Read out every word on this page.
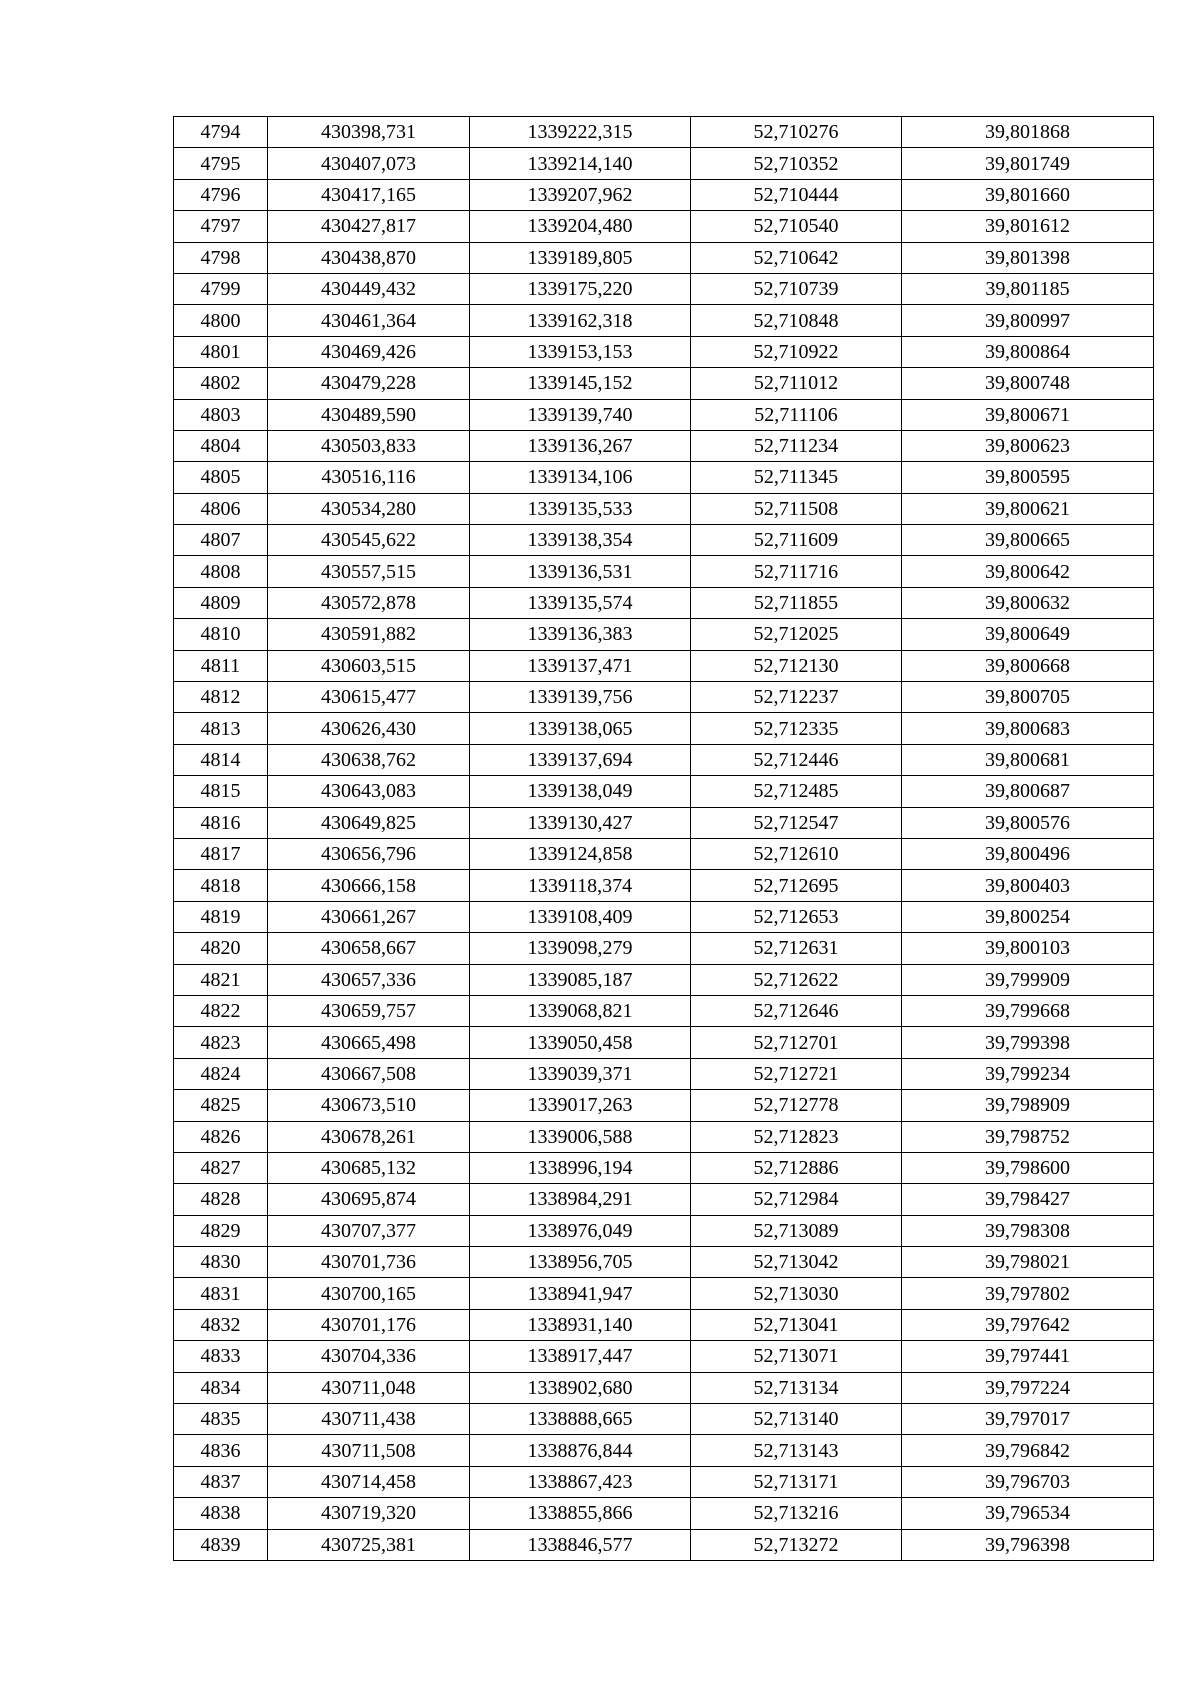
4794	430398,731	1339222,315	52,710276	39,801868
4795	430407,073	1339214,140	52,710352	39,801749
4796	430417,165	1339207,962	52,710444	39,801660
4797	430427,817	1339204,480	52,710540	39,801612
4798	430438,870	1339189,805	52,710642	39,801398
4799	430449,432	1339175,220	52,710739	39,801185
4800	430461,364	1339162,318	52,710848	39,800997
4801	430469,426	1339153,153	52,710922	39,800864
4802	430479,228	1339145,152	52,711012	39,800748
4803	430489,590	1339139,740	52,711106	39,800671
4804	430503,833	1339136,267	52,711234	39,800623
4805	430516,116	1339134,106	52,711345	39,800595
4806	430534,280	1339135,533	52,711508	39,800621
4807	430545,622	1339138,354	52,711609	39,800665
4808	430557,515	1339136,531	52,711716	39,800642
4809	430572,878	1339135,574	52,711855	39,800632
4810	430591,882	1339136,383	52,712025	39,800649
4811	430603,515	1339137,471	52,712130	39,800668
4812	430615,477	1339139,756	52,712237	39,800705
4813	430626,430	1339138,065	52,712335	39,800683
4814	430638,762	1339137,694	52,712446	39,800681
4815	430643,083	1339138,049	52,712485	39,800687
4816	430649,825	1339130,427	52,712547	39,800576
4817	430656,796	1339124,858	52,712610	39,800496
4818	430666,158	1339118,374	52,712695	39,800403
4819	430661,267	1339108,409	52,712653	39,800254
4820	430658,667	1339098,279	52,712631	39,800103
4821	430657,336	1339085,187	52,712622	39,799909
4822	430659,757	1339068,821	52,712646	39,799668
4823	430665,498	1339050,458	52,712701	39,799398
4824	430667,508	1339039,371	52,712721	39,799234
4825	430673,510	1339017,263	52,712778	39,798909
4826	430678,261	1339006,588	52,712823	39,798752
4827	430685,132	1338996,194	52,712886	39,798600
4828	430695,874	1338984,291	52,712984	39,798427
4829	430707,377	1338976,049	52,713089	39,798308
4830	430701,736	1338956,705	52,713042	39,798021
4831	430700,165	1338941,947	52,713030	39,797802
4832	430701,176	1338931,140	52,713041	39,797642
4833	430704,336	1338917,447	52,713071	39,797441
4834	430711,048	1338902,680	52,713134	39,797224
4835	430711,438	1338888,665	52,713140	39,797017
4836	430711,508	1338876,844	52,713143	39,796842
4837	430714,458	1338867,423	52,713171	39,796703
4838	430719,320	1338855,866	52,713216	39,796534
4839	430725,381	1338846,577	52,713272	39,796398
